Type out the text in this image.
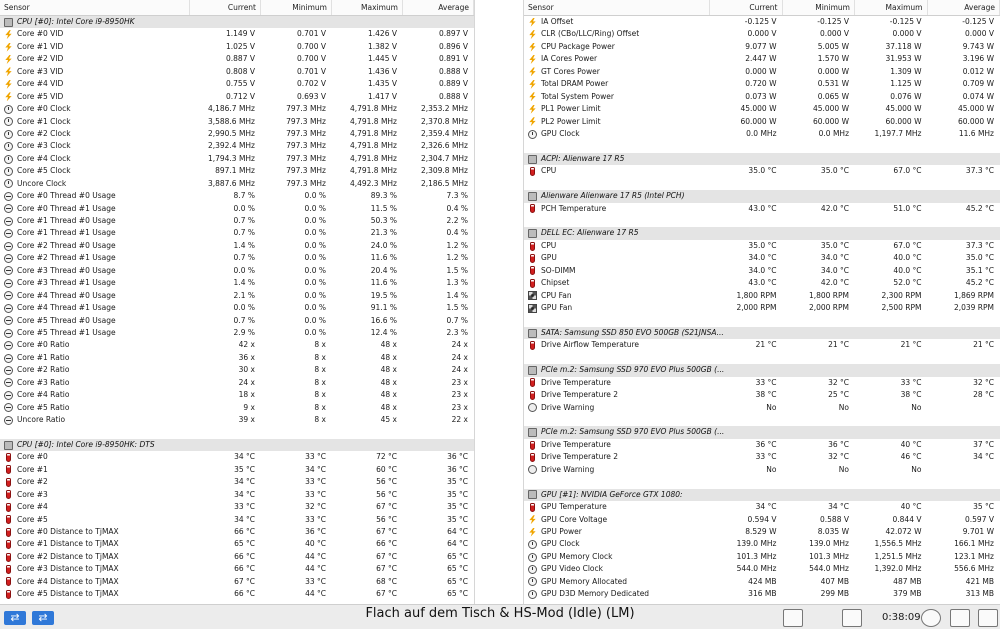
Sensor	Current	Minimum	Maximum	Average
CPU [#0]: Intel Core i9-8950HK
Core #0 VID	1.149 V	0.701 V	1.426 V	0.897 V
Core #1 VID	1.025 V	0.700 V	1.382 V	0.896 V
Core #2 VID	0.887 V	0.700 V	1.445 V	0.891 V
Core #3 VID	0.808 V	0.701 V	1.436 V	0.888 V
Core #4 VID	0.755 V	0.702 V	1.435 V	0.889 V
Core #5 VID	0.712 V	0.693 V	1.417 V	0.888 V
Core #0 Clock	4,186.7 MHz	797.3 MHz	4,791.8 MHz	2,353.2 MHz
Core #1 Clock	3,588.6 MHz	797.3 MHz	4,791.8 MHz	2,370.8 MHz
Core #2 Clock	2,990.5 MHz	797.3 MHz	4,791.8 MHz	2,359.4 MHz
Core #3 Clock	2,392.4 MHz	797.3 MHz	4,791.8 MHz	2,326.6 MHz
Core #4 Clock	1,794.3 MHz	797.3 MHz	4,791.8 MHz	2,304.7 MHz
Core #5 Clock	897.1 MHz	797.3 MHz	4,791.8 MHz	2,309.8 MHz
Uncore Clock	3,887.6 MHz	797.3 MHz	4,492.3 MHz	2,186.5 MHz
Core #0 Thread #0 Usage	8.7 %	0.0 %	89.3 %	7.3 %
Core #0 Thread #1 Usage	0.0 %	0.0 %	11.5 %	0.4 %
Core #1 Thread #0 Usage	0.7 %	0.0 %	50.3 %	2.2 %
Core #1 Thread #1 Usage	0.7 %	0.0 %	21.3 %	0.4 %
Core #2 Thread #0 Usage	1.4 %	0.0 %	24.0 %	1.2 %
Core #2 Thread #1 Usage	0.7 %	0.0 %	11.6 %	1.2 %
Core #3 Thread #0 Usage	0.0 %	0.0 %	20.4 %	1.5 %
Core #3 Thread #1 Usage	1.4 %	0.0 %	11.6 %	1.3 %
Core #4 Thread #0 Usage	2.1 %	0.0 %	19.5 %	1.4 %
Core #4 Thread #1 Usage	0.0 %	0.0 %	91.1 %	1.5 %
Core #5 Thread #0 Usage	0.7 %	0.0 %	16.6 %	0.7 %
Core #5 Thread #1 Usage	2.9 %	0.0 %	12.4 %	2.3 %
Core #0 Ratio	42 x	8 x	48 x	24 x
Core #1 Ratio	36 x	8 x	48 x	24 x
Core #2 Ratio	30 x	8 x	48 x	24 x
Core #3 Ratio	24 x	8 x	48 x	23 x
Core #4 Ratio	18 x	8 x	48 x	23 x
Core #5 Ratio	9 x	8 x	48 x	23 x
Uncore Ratio	39 x	8 x	45 x	22 x
CPU [#0]: Intel Core i9-8950HK: DTS
Core #0	34 °C	33 °C	72 °C	36 °C
Core #1	35 °C	34 °C	60 °C	36 °C
Core #2	34 °C	33 °C	56 °C	35 °C
Core #3	34 °C	33 °C	56 °C	35 °C
Core #4	33 °C	32 °C	67 °C	35 °C
Core #5	34 °C	33 °C	56 °C	35 °C
Core #0 Distance to TjMAX	66 °C	36 °C	67 °C	64 °C
Core #1 Distance to TjMAX	65 °C	40 °C	66 °C	64 °C
Core #2 Distance to TjMAX	66 °C	44 °C	67 °C	65 °C
Core #3 Distance to TjMAX	66 °C	44 °C	67 °C	65 °C
Core #4 Distance to TjMAX	67 °C	33 °C	68 °C	65 °C
Core #5 Distance to TjMAX	66 °C	44 °C	67 °C	65 °C
Sensor	Current	Minimum	Maximum	Average
IA Offset	-0.125 V	-0.125 V	-0.125 V	-0.125 V
CLR (CBo/LLC/Ring) Offset	0.000 V	0.000 V	0.000 V	0.000 V
CPU Package Power	9.077 W	5.005 W	37.118 W	9.743 W
IA Cores Power	2.447 W	1.570 W	31.953 W	3.196 W
GT Cores Power	0.000 W	0.000 W	1.309 W	0.012 W
Total DRAM Power	0.720 W	0.531 W	1.125 W	0.709 W
Total System Power	0.073 W	0.065 W	0.076 W	0.074 W
PL1 Power Limit	45.000 W	45.000 W	45.000 W	45.000 W
PL2 Power Limit	60.000 W	60.000 W	60.000 W	60.000 W
GPU Clock	0.0 MHz	0.0 MHz	1,197.7 MHz	11.6 MHz
ACPI: Alienware 17 R5
CPU	35.0 °C	35.0 °C	67.0 °C	37.3 °C
Alienware Alienware 17 R5 (Intel PCH)
PCH Temperature	43.0 °C	42.0 °C	51.0 °C	45.2 °C
DELL EC: Alienware 17 R5
CPU	35.0 °C	35.0 °C	67.0 °C	37.3 °C
GPU	34.0 °C	34.0 °C	40.0 °C	35.0 °C
SO-DIMM	34.0 °C	34.0 °C	40.0 °C	35.1 °C
Chipset	43.0 °C	42.0 °C	52.0 °C	45.2 °C
CPU Fan	1,800 RPM	1,800 RPM	2,300 RPM	1,869 RPM
GPU Fan	2,000 RPM	2,000 RPM	2,500 RPM	2,039 RPM
SATA: Samsung SSD 850 EVO 500GB (S21JNSA...
Drive Airflow Temperature	21 °C	21 °C	21 °C	21 °C
PCIe m.2: Samsung SSD 970 EVO Plus 500GB (...
Drive Temperature	33 °C	32 °C	33 °C	32 °C
Drive Temperature 2	38 °C	25 °C	38 °C	28 °C
Drive Warning	No	No	No
PCIe m.2: Samsung SSD 970 EVO Plus 500GB (...
Drive Temperature	36 °C	36 °C	40 °C	37 °C
Drive Temperature 2	33 °C	32 °C	46 °C	34 °C
Drive Warning	No	No	No
GPU [#1]: NVIDIA GeForce GTX 1080:
GPU Temperature	34 °C	34 °C	40 °C	35 °C
GPU Core Voltage	0.594 V	0.588 V	0.844 V	0.597 V
GPU Power	8.529 W	8.035 W	42.072 W	9.701 W
GPU Clock	139.0 MHz	139.0 MHz	1,556.5 MHz	166.1 MHz
GPU Memory Clock	101.3 MHz	101.3 MHz	1,251.5 MHz	123.1 MHz
GPU Video Clock	544.0 MHz	544.0 MHz	1,392.0 MHz	556.6 MHz
GPU Memory Allocated	424 MB	407 MB	487 MB	421 MB
GPU D3D Memory Dedicated	316 MB	299 MB	379 MB	313 MB
⇄	⇄	Flach auf dem Tisch & HS-Mod (Idle) (LM)	0:38:09
